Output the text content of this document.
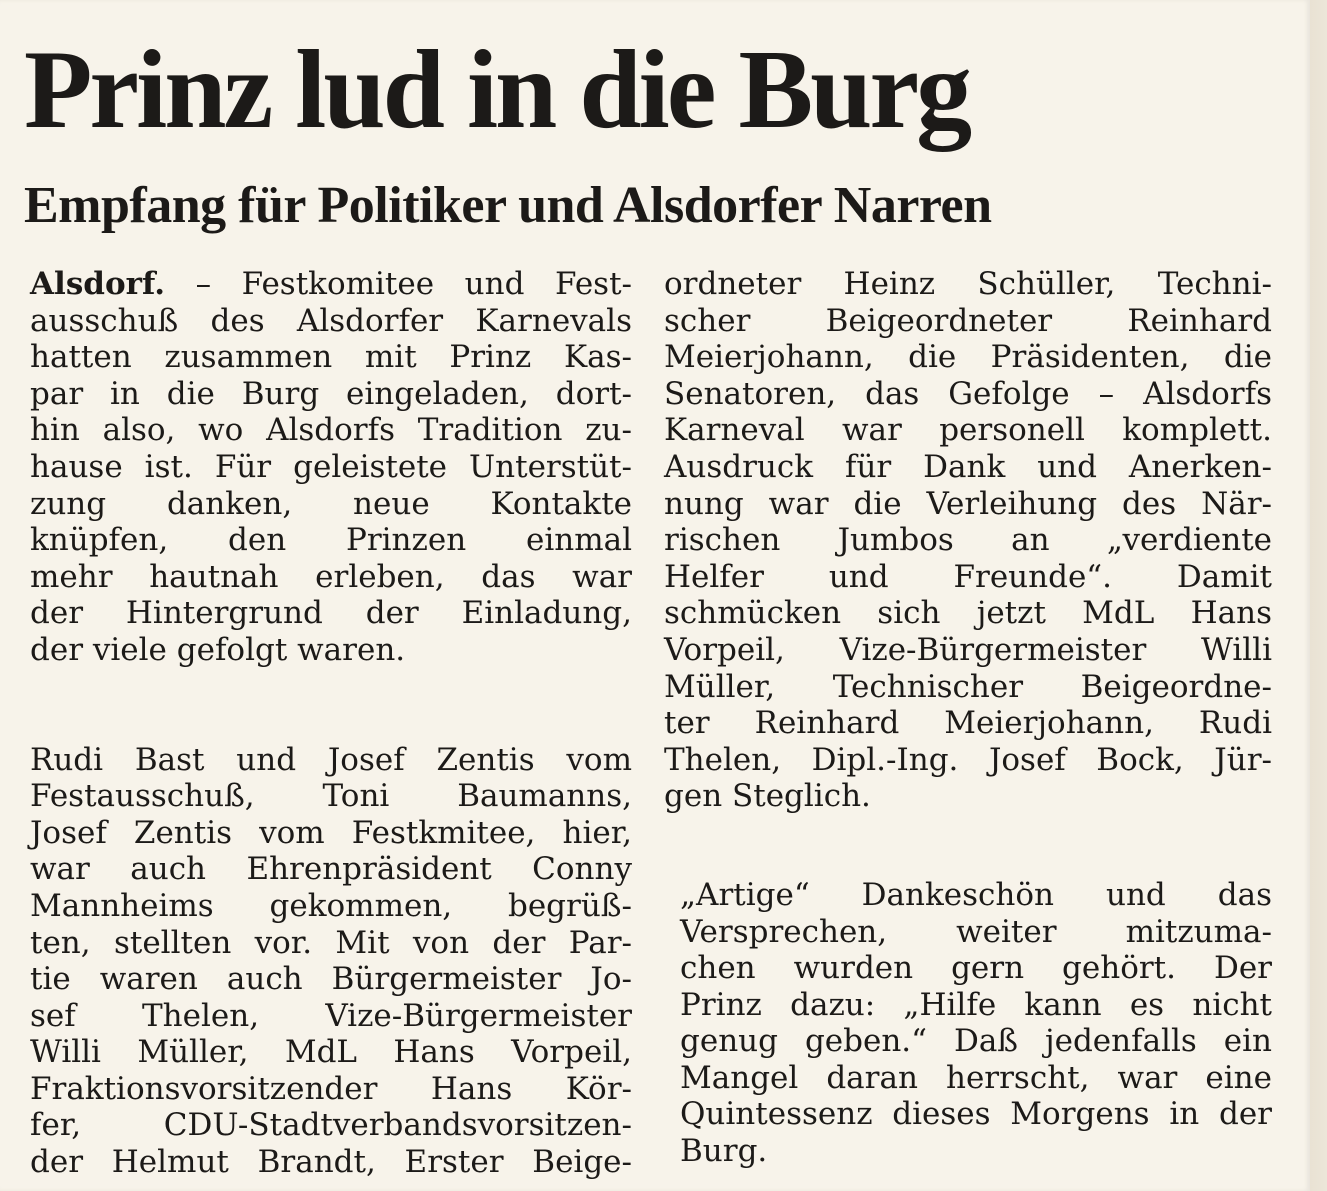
Prinz lud in die Burg
Empfang für Politiker und Alsdorfer Narren

Alsdorf. – Festkomitee und Fest-
ausschuß des Alsdorfer Karnevals
hatten zusammen mit Prinz Kas-
par in die Burg eingeladen, dort-
hin also, wo Alsdorfs Tradition zu-
hause ist. Für geleistete Unterstüt-
zung danken, neue Kontakte
knüpfen, den Prinzen einmal
mehr hautnah erleben, das war
der Hintergrund der Einladung,
der viele gefolgt waren.

Rudi Bast und Josef Zentis vom
Festausschuß, Toni Baumanns,
Josef Zentis vom Festkmitee, hier,
war auch Ehrenpräsident Conny
Mannheims gekommen, begrüß-
ten, stellten vor. Mit von der Par-
tie waren auch Bürgermeister Jo-
sef Thelen, Vize-Bürgermeister
Willi Müller, MdL Hans Vorpeil,
Fraktionsvorsitzender Hans Kör-
fer, CDU-Stadtverbandsvorsitzen-
der Helmut Brandt, Erster Beige-

ordneter Heinz Schüller, Techni-
scher Beigeordneter Reinhard
Meierjohann, die Präsidenten, die
Senatoren, das Gefolge – Alsdorfs
Karneval war personell komplett.
Ausdruck für Dank und Anerken-
nung war die Verleihung des När-
rischen Jumbos an „verdiente
Helfer und Freunde“. Damit
schmücken sich jetzt MdL Hans
Vorpeil, Vize-Bürgermeister Willi
Müller, Technischer Beigeordne-
ter Reinhard Meierjohann, Rudi
Thelen, Dipl.-Ing. Josef Bock, Jür-
gen Steglich.

„Artige“ Dankeschön und das
Versprechen, weiter mitzuma-
chen wurden gern gehört. Der
Prinz dazu: „Hilfe kann es nicht
genug geben.“ Daß jedenfalls ein
Mangel daran herrscht, war eine
Quintessenz dieses Morgens in der
Burg.
